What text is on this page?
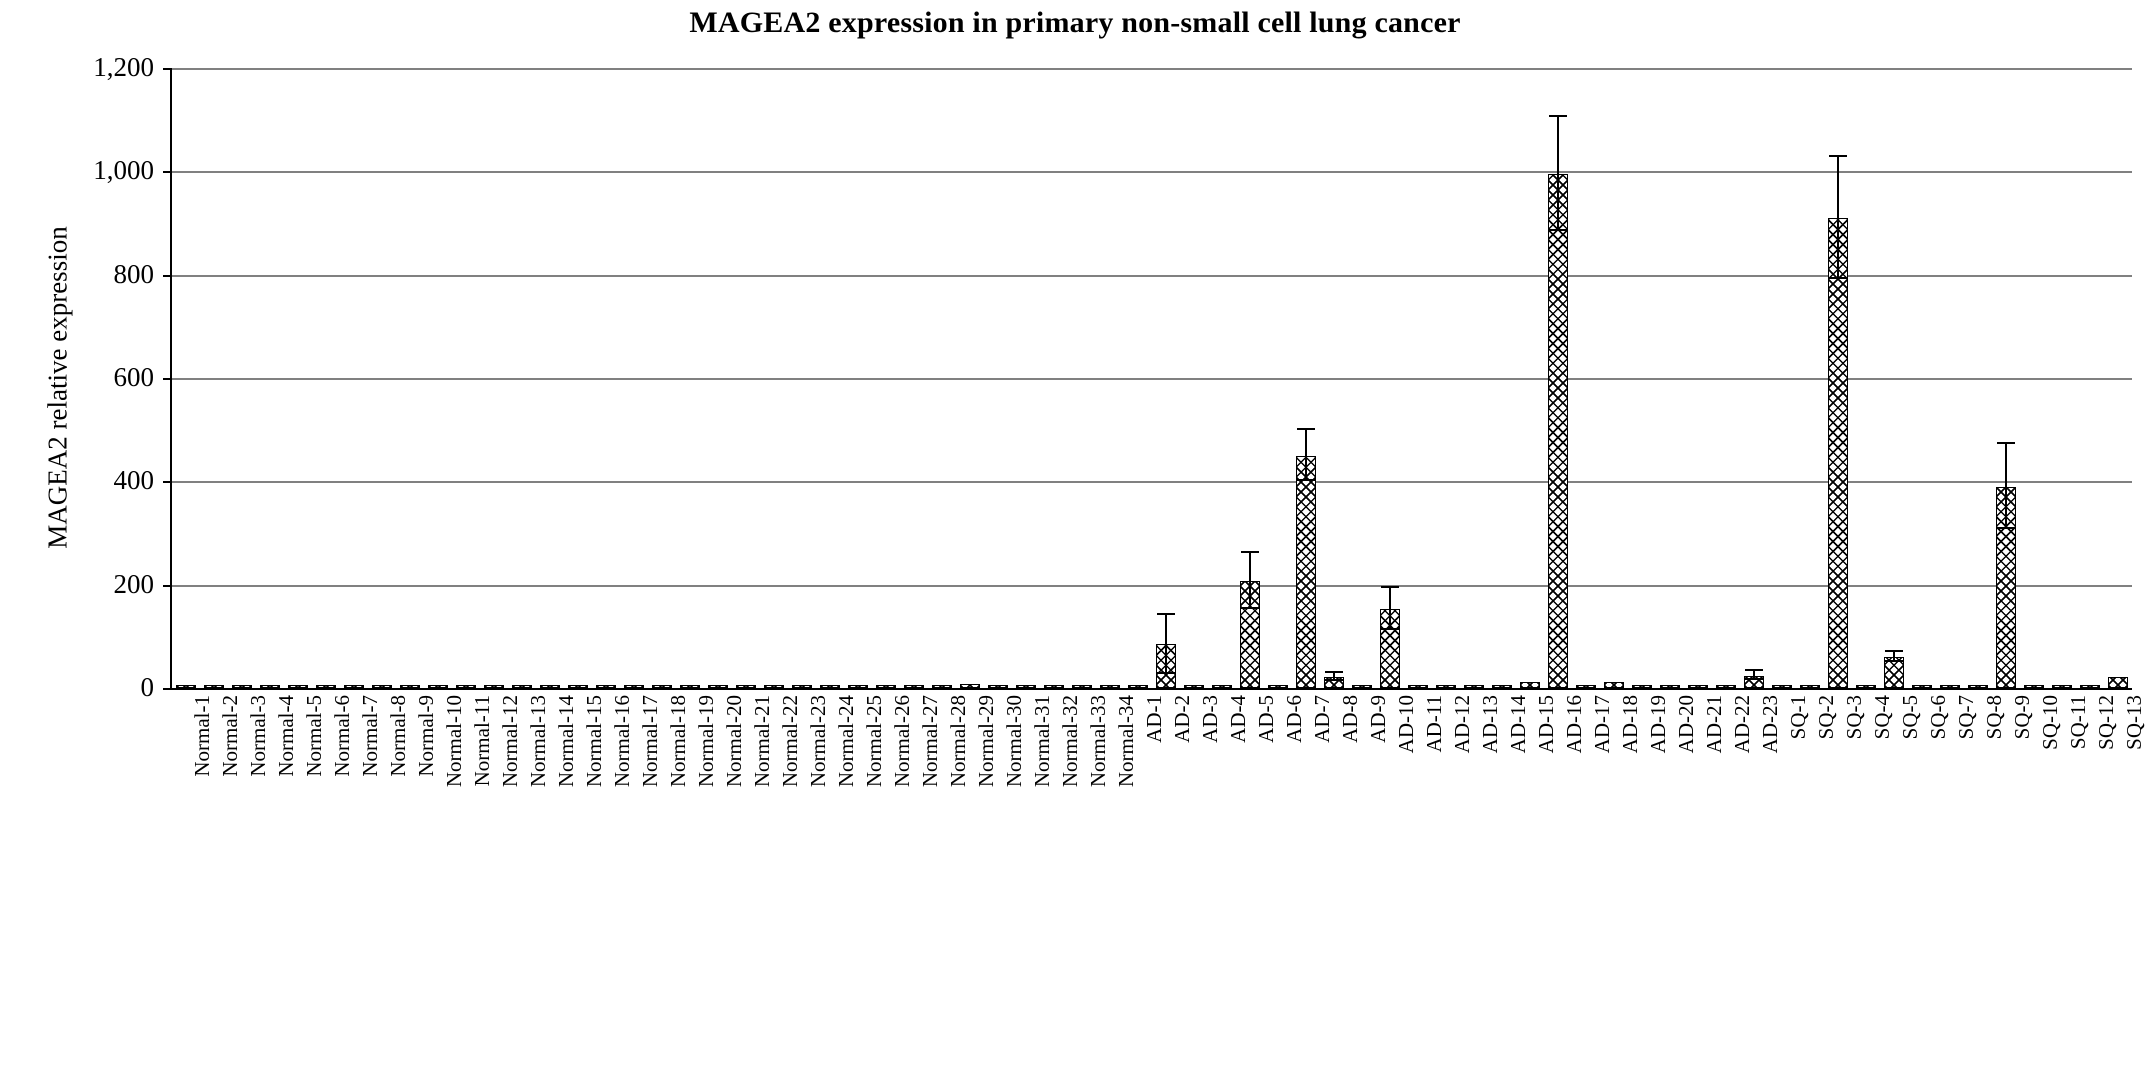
MAGEA2 expression in primary non-small cell lung cancer
MAGEA2 relative expression
0
200
400
600
800
1,000
1,200
Normal-1 Normal-2 Normal-3 Normal-4 Normal-5 Normal-6 Normal-7 Normal-8 Normal-9 Normal-10 Normal-11 Normal-12 Normal-13 Normal-14 Normal-15 Normal-16 Normal-17 Normal-18 Normal-19 Normal-20 Normal-21 Normal-22 Normal-23 Normal-24 Normal-25 Normal-26 Normal-27 Normal-28 Normal-29 Normal-30 Normal-31 Normal-32 Normal-33 Normal-34 AD-1 AD-2 AD-3 AD-4 AD-5 AD-6 AD-7 AD-8 AD-9 AD-10 AD-11 AD-12 AD-13 AD-14 AD-15 AD-16 AD-17 AD-18 AD-19 AD-20 AD-21 AD-22 AD-23 SQ-1 SQ-2 SQ-3 SQ-4 SQ-5 SQ-6 SQ-7 SQ-8 SQ-9 SQ-10 SQ-11 SQ-12 SQ-13
